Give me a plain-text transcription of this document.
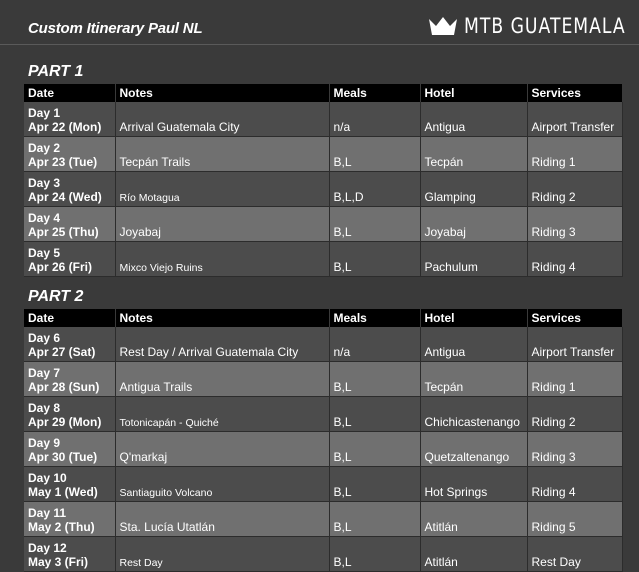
Custom Itinerary Paul NL	MTB GUATEMALA
PART 1
Date	Notes	Meals	Hotel	Services

Day 1
Apr 22 (Mon)	Arrival Guatemala City	n/a	Antigua	Airport Transfer

Day 2
Apr 23 (Tue)	Tecpán Trails	B,L	Tecpán	Riding 1

Day 3
Apr 24 (Wed)	Río Motagua	B,L,D	Glamping	Riding 2

Day 4
Apr 25 (Thu)	Joyabaj	B,L	Joyabaj	Riding 3

Day 5
Apr 26 (Fri)	Mixco Viejo Ruins	B,L	Pachulum	Riding 4
PART 2
Date	Notes	Meals	Hotel	Services

Day 6
Apr 27 (Sat)	Rest Day / Arrival Guatemala City	n/a	Antigua	Airport Transfer

Day 7
Apr 28 (Sun)	Antigua Trails	B,L	Tecpán	Riding 1

Day 8
Apr 29 (Mon)	Totonicapán - Quiché	B,L	Chichicastenango	Riding 2

Day 9
Apr 30 (Tue)	Q'markaj	B,L	Quetzaltenango	Riding 3

Day 10
May 1 (Wed)	Santiaguito Volcano	B,L	Hot Springs	Riding 4

Day 11
May 2 (Thu)	Sta. Lucía Utatlán	B,L	Atitlán	Riding 5

Day 12
May 3 (Fri)	Rest Day	B,L	Atitlán	Rest Day
